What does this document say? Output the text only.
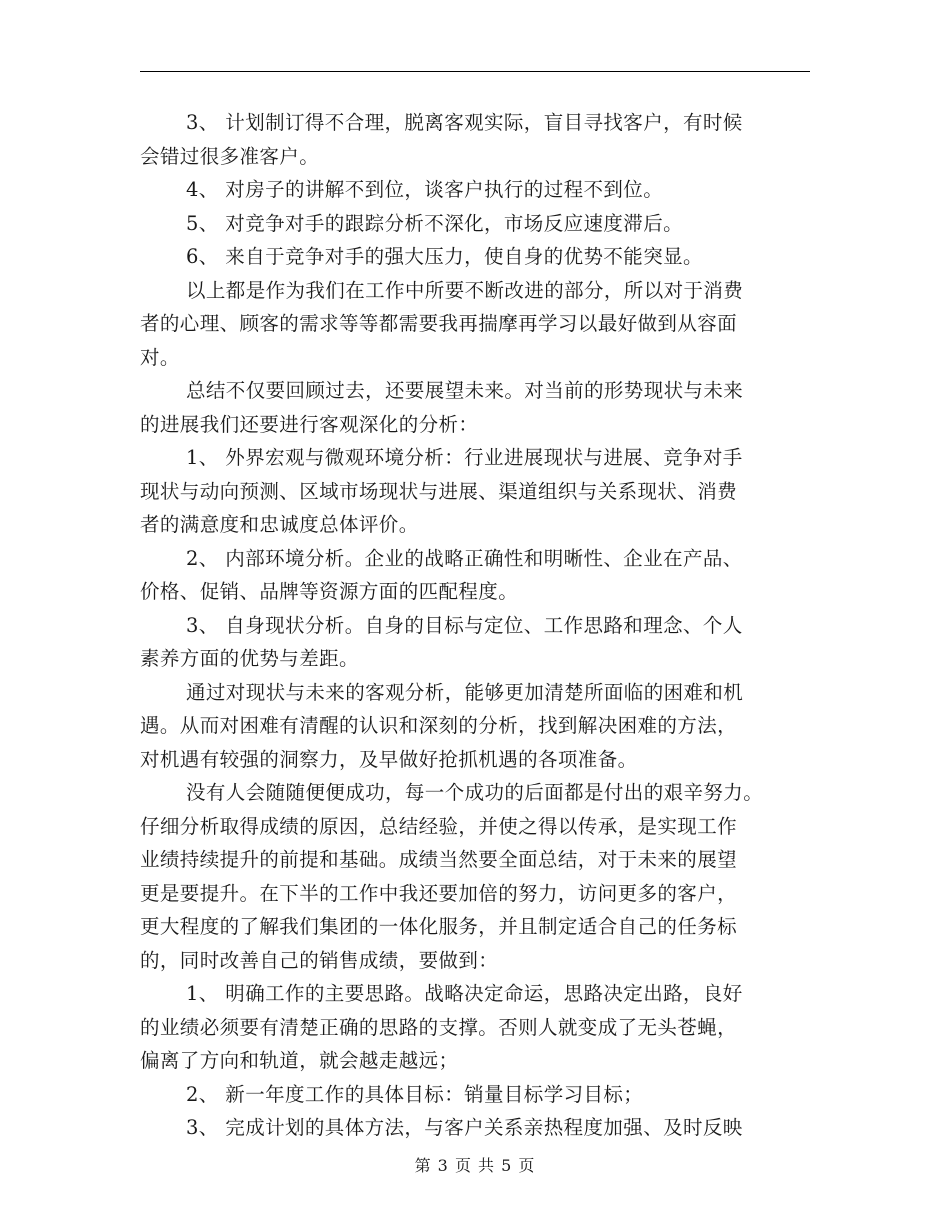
3、 计划制订得不合理，脱离客观实际，盲目寻找客户，有时候
会错过很多准客户。
4、 对房子的讲解不到位，谈客户执行的过程不到位。
5、 对竞争对手的跟踪分析不深化，市场反应速度滞后。
6、 来自于竞争对手的强大压力，使自身的优势不能突显。
以上都是作为我们在工作中所要不断改进的部分，所以对于消费
者的心理、顾客的需求等等都需要我再揣摩再学习以最好做到从容面
对。
总结不仅要回顾过去，还要展望未来。对当前的形势现状与未来
的进展我们还要进行客观深化的分析：
1、 外界宏观与微观环境分析：行业进展现状与进展、竞争对手
现状与动向预测、区域市场现状与进展、渠道组织与关系现状、消费
者的满意度和忠诚度总体评价。
2、 内部环境分析。企业的战略正确性和明晰性、企业在产品、
价格、促销、品牌等资源方面的匹配程度。
3、 自身现状分析。自身的目标与定位、工作思路和理念、个人
素养方面的优势与差距。
通过对现状与未来的客观分析，能够更加清楚所面临的困难和机
遇。从而对困难有清醒的认识和深刻的分析，找到解决困难的方法，
对机遇有较强的洞察力，及早做好抢抓机遇的各项准备。
没有人会随随便便成功，每一个成功的后面都是付出的艰辛努力。
仔细分析取得成绩的原因，总结经验，并使之得以传承，是实现工作
业绩持续提升的前提和基础。成绩当然要全面总结，对于未来的展望
更是要提升。在下半的工作中我还要加倍的努力，访问更多的客户，
更大程度的了解我们集团的一体化服务，并且制定适合自己的任务标
的，同时改善自己的销售成绩，要做到：
1、 明确工作的主要思路。战略决定命运，思路决定出路，良好
的业绩必须要有清楚正确的思路的支撑。否则人就变成了无头苍蝇，
偏离了方向和轨道，就会越走越远；
2、 新一年度工作的具体目标：销量目标学习目标；
3、 完成计划的具体方法，与客户关系亲热程度加强、及时反映
第 3 页 共 5 页
